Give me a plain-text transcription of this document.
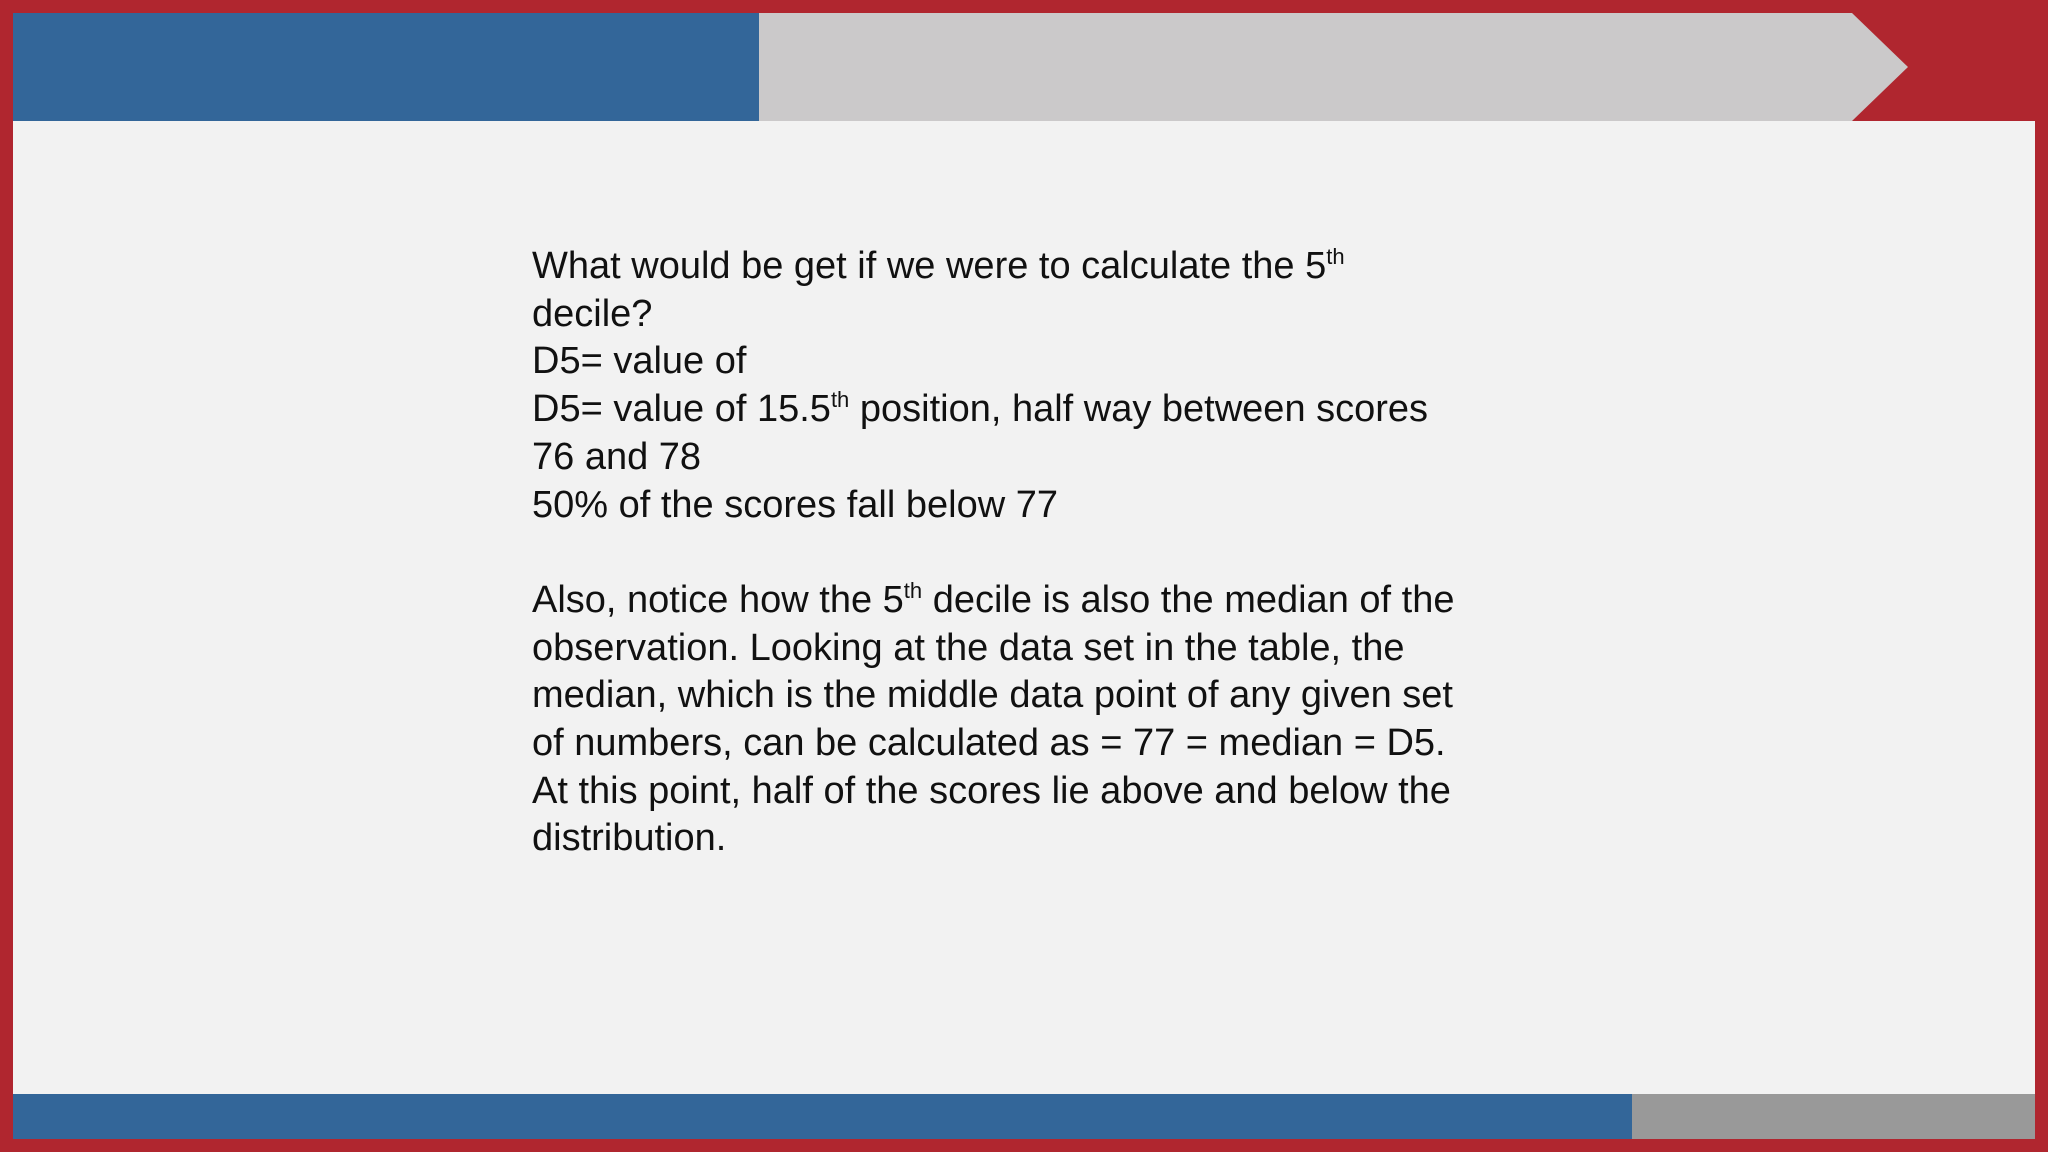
What would be get if we were to calculate the 5th

decile?

D5= value of

D5= value of 15.5th position, half way between scores

76 and 78

50% of the scores fall below 77

Also, notice how the 5th decile is also the median of the

observation. Looking at the data set in the table, the

median, which is the middle data point of any given set

of numbers, can be calculated as = 77 = median = D5.

At this point, half of the scores lie above and below the

distribution.
